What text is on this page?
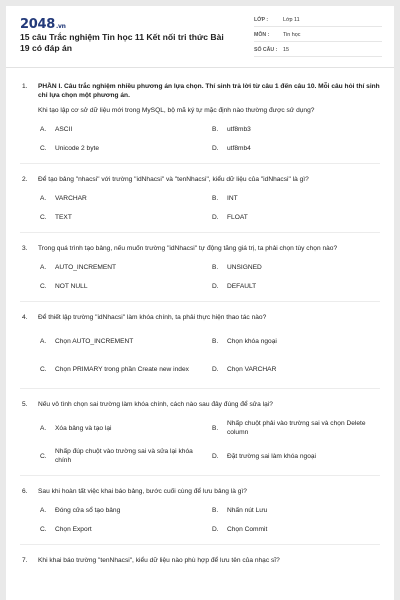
2048.vn
15 câu Trắc nghiệm Tin học 11 Kết nối tri thức Bài 19 có đáp án
LỚP :	Lớp 11
MÔN :	Tin học
SỐ CÂU :	15
1.	PHẦN I. Câu trắc nghiệm nhiều phương án lựa chọn. Thí sinh trả lời từ câu 1 đến câu 10. Mỗi câu hỏi thí sinh chỉ lựa chọn một phương án.
Khi tạo lập cơ sở dữ liệu mới trong MySQL, bộ mã ký tự mặc định nào thường được sử dụng?
A.	ASCII	B.	utf8mb3
C.	Unicode 2 byte	D.	utf8mb4
2.	Để tạo bảng "nhacsi" với trường "idNhacsi" và "tenNhacsi", kiểu dữ liệu của "idNhacsi" là gì?
A.	VARCHAR	B.	INT
C.	TEXT	D.	FLOAT
3.	Trong quá trình tạo bảng, nếu muốn trường "idNhacsi" tự động tăng giá trị, ta phải chọn tùy chọn nào?
A.	AUTO_INCREMENT	B.	UNSIGNED
C.	NOT NULL	D.	DEFAULT
4.	Để thiết lập trường "idNhacsi" làm khóa chính, ta phải thực hiện thao tác nào?
A.	Chọn AUTO_INCREMENT	B.	Chọn khóa ngoại
C.	Chọn PRIMARY trong phần Create new index	D.	Chọn VARCHAR
5.	Nếu vô tình chọn sai trường làm khóa chính, cách nào sau đây đúng để sửa lại?
A.	Xóa bảng và tạo lại	B.
Nhấp chuột phải vào trường sai và chọn Delete column
C.
Nhấp đúp chuột vào trường sai và sửa lại khóa chính
D.	Đặt trường sai làm khóa ngoại
6.	Sau khi hoàn tất việc khai báo bảng, bước cuối cùng để lưu bảng là gì?
A.	Đóng cửa sổ tạo bảng	B.	Nhấn nút Lưu
C.	Chọn Export	D.	Chọn Commit
7.	Khi khai báo trường "tenNhacsi", kiểu dữ liệu nào phù hợp để lưu tên của nhạc sĩ?
